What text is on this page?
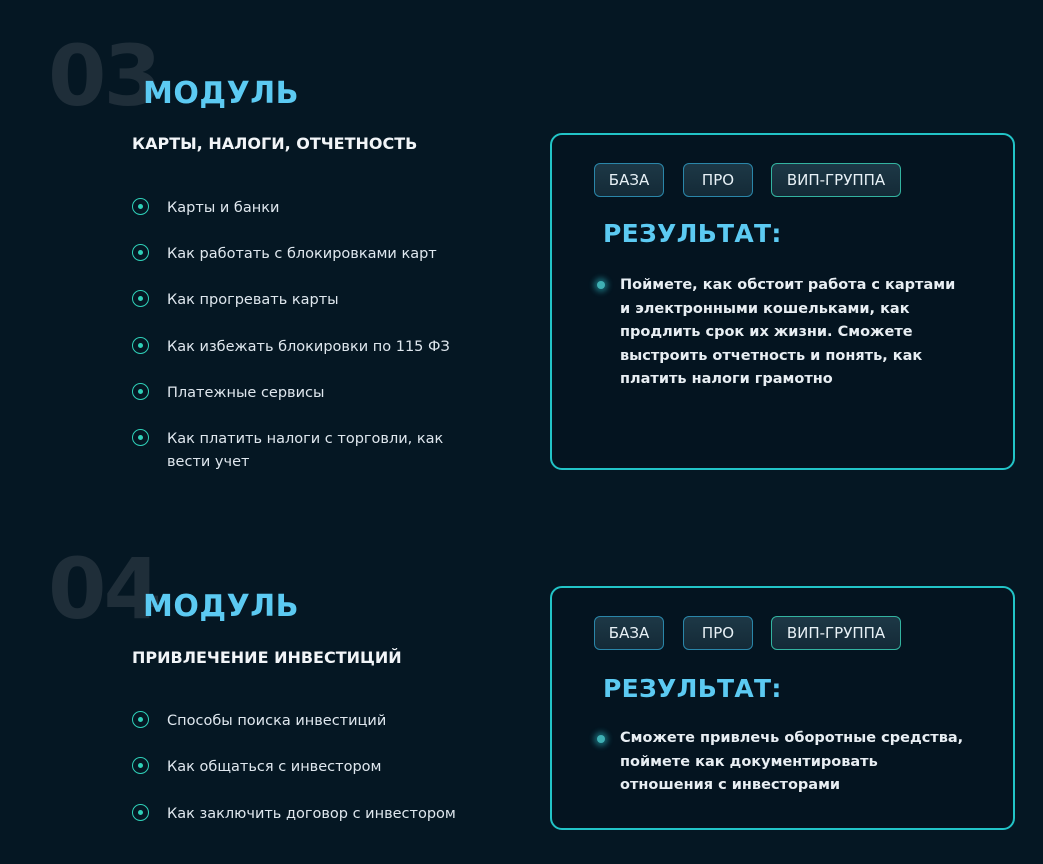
03
МОДУЛЬ
КАРТЫ, НАЛОГИ, ОТЧЕТНОСТЬ
Карты и банки
Как работать с блокировками карт
Как прогревать карты
Как избежать блокировки по 115 ФЗ
Платежные сервисы
Как платить налоги с торговли, как вести учет
БАЗА	ПРО	ВИП-ГРУППА
РЕЗУЛЬТАТ:
Поймете, как обстоит работа с картами и электронными кошельками, как продлить срок их жизни. Сможете выстроить отчетность и понять, как платить налоги грамотно
04
МОДУЛЬ
ПРИВЛЕЧЕНИЕ ИНВЕСТИЦИЙ
Способы поиска инвестиций
Как общаться с инвестором
Как заключить договор с инвестором
БАЗА	ПРО	ВИП-ГРУППА
РЕЗУЛЬТАТ:
Сможете привлечь оборотные средства, поймете как документировать отношения с инвесторами
